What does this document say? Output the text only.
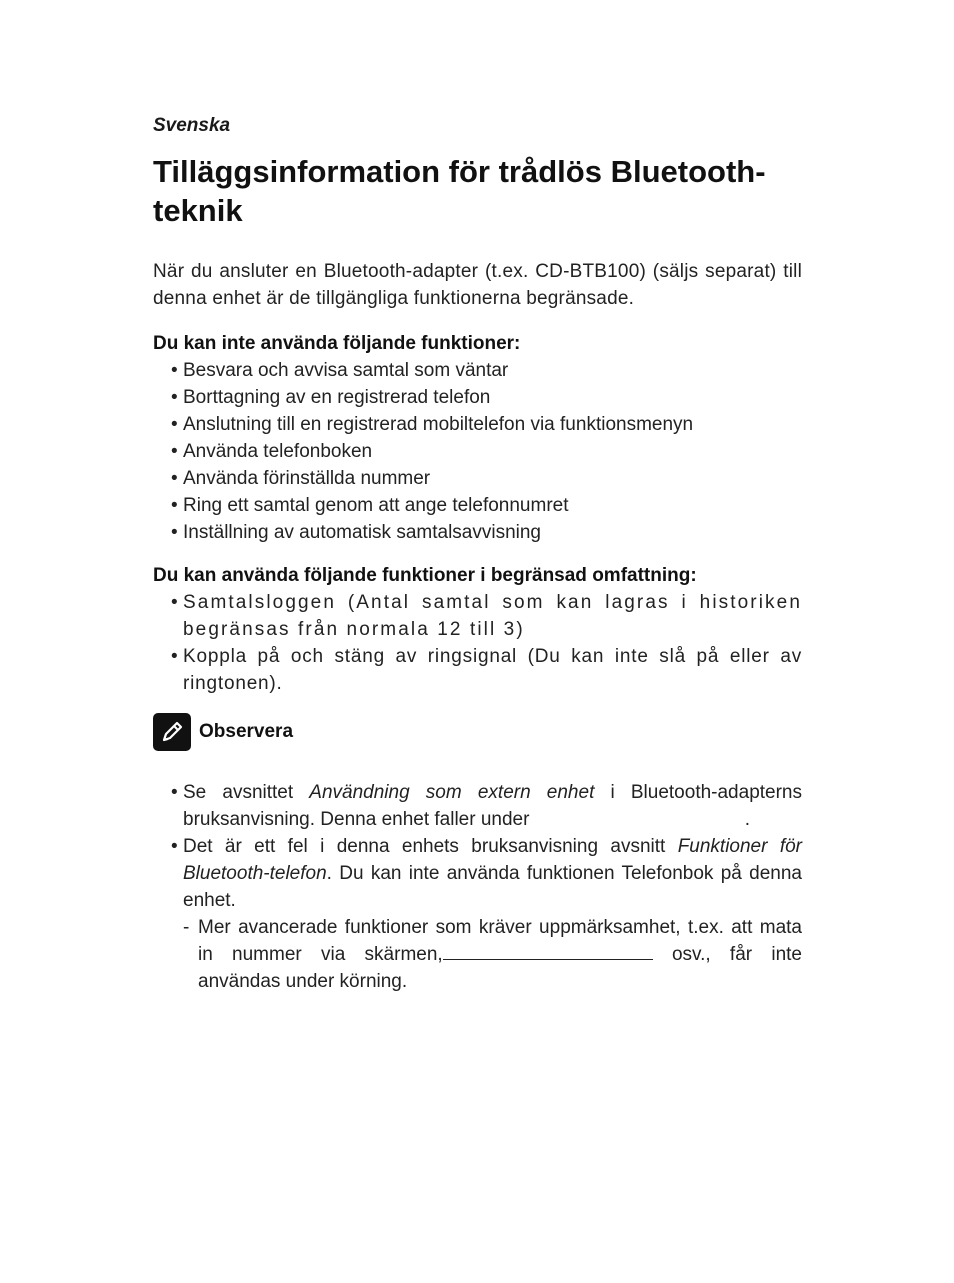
Svenska
Tilläggsinformation för trådlös Bluetooth-teknik

När du ansluter en Bluetooth-adapter (t.ex. CD-BTB100) (säljs separat) till denna enhet är de tillgängliga funktionerna begränsade.

Du kan inte använda följande funktioner:
• Besvara och avvisa samtal som väntar
• Borttagning av en registrerad telefon
• Anslutning till en registrerad mobiltelefon via funktionsmenyn
• Använda telefonboken
• Använda förinställda nummer
• Ring ett samtal genom att ange telefonnumret
• Inställning av automatisk samtalsavvisning
Du kan använda följande funktioner i begränsad omfattning:
• Samtalsloggen (Antal samtal som kan lagras i historiken begränsas från normala 12 till 3)
• Koppla på och stäng av ringsignal (Du kan inte slå på eller av ringtonen).
Observera
• Se avsnittet Användning som extern enhet i Bluetooth-adapterns bruksanvisning. Denna enhet faller under	.
• Det är ett fel i denna enhets bruksanvisning avsnitt Funktioner för Bluetooth-telefon. Du kan inte använda funktionen Telefonbok på denna enhet.
- Mer avancerade funktioner som kräver uppmärksamhet, t.ex. att mata in nummer via skärmen,	osv., får inte användas under körning.
